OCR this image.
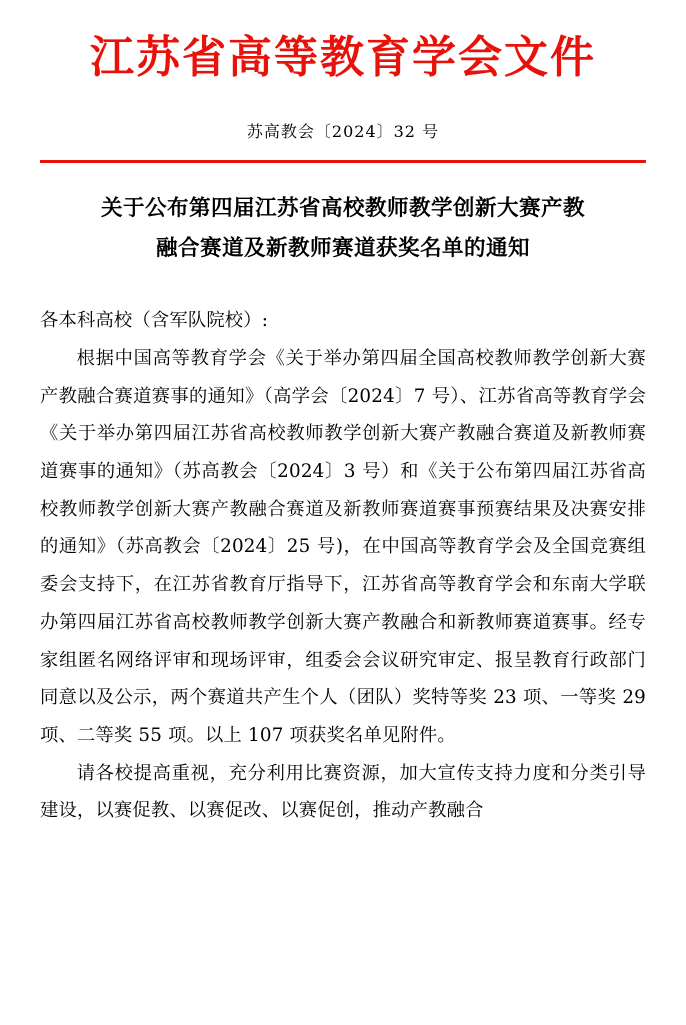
江苏省高等教育学会文件
苏高教会〔2024〕32 号
关于公布第四届江苏省高校教师教学创新大赛产教
融合赛道及新教师赛道获奖名单的通知

各本科高校（含军队院校）:

根据中国高等教育学会《关于举办第四届全国高校教师教学创新大赛产教融合赛道赛事的通知》（高学会〔2024〕7 号）、江苏省高等教育学会《关于举办第四届江苏省高校教师教学创新大赛产教融合赛道及新教师赛道赛事的通知》（苏高教会〔2024〕3 号）和《关于公布第四届江苏省高校教师教学创新大赛产教融合赛道及新教师赛道赛事预赛结果及决赛安排的通知》（苏高教会〔2024〕25 号)，在中国高等教育学会及全国竞赛组委会支持下，在江苏省教育厅指导下，江苏省高等教育学会和东南大学联办第四届江苏省高校教师教学创新大赛产教融合和新教师赛道赛事。经专家组匿名网络评审和现场评审，组委会会议研究审定、报呈教育行政部门同意以及公示，两个赛道共产生个人（团队）奖特等奖 23 项、一等奖 29 项、二等奖 55 项。以上 107 项获奖名单见附件。

请各校提高重视，充分利用比赛资源，加大宣传支持力度和分类引导建设，以赛促教、以赛促改、以赛促创，推动产教融合
